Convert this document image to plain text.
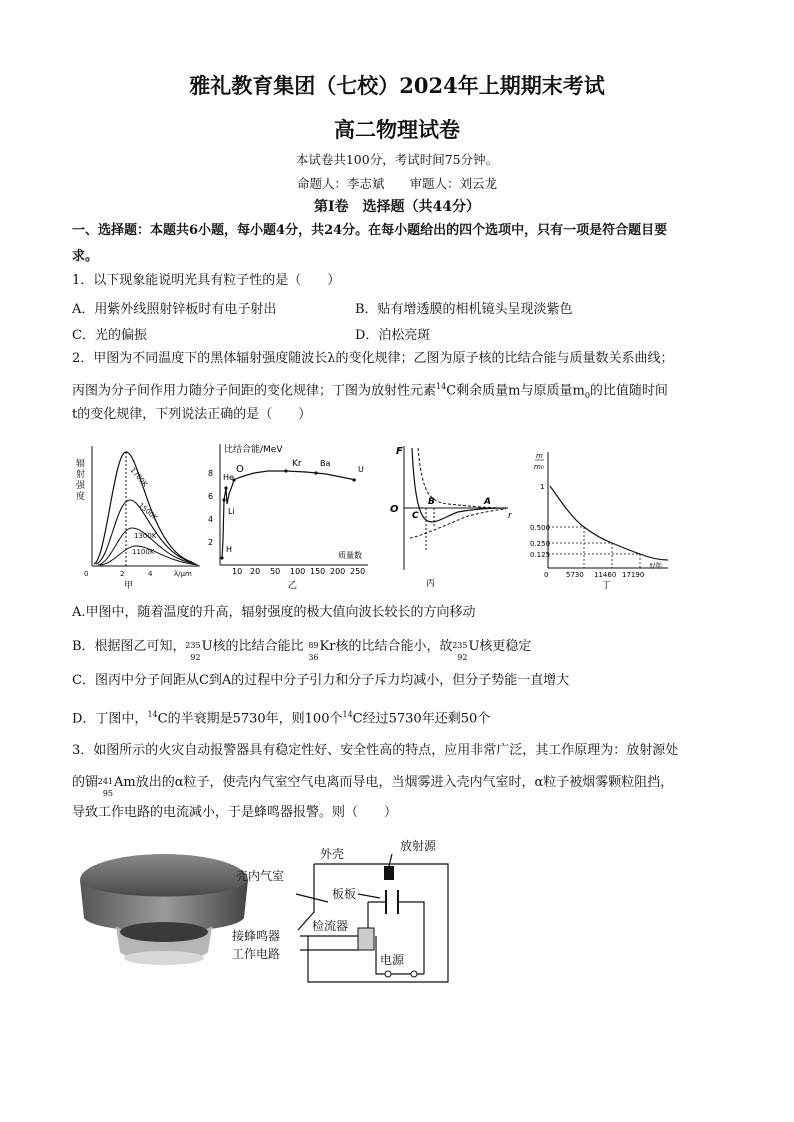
雅礼教育集团（七校）2024年上期期末考试
高二物理试卷
本试卷共100分，考试时间75分钟。
命题人：李志斌　　审题人：刘云龙
第Ⅰ卷　选择题（共44分）
一、选择题：本题共6小题，每小题4分，共24分。在每小题给出的四个选项中，只有一项是符合题目要
求。
1．以下现象能说明光具有粒子性的是（　　）
A．用紫外线照射锌板时有电子射出	B．贴有增透膜的相机镜头呈现淡紫色
C．光的偏振	D．泊松亮斑
2．甲图为不同温度下的黑体辐射强度随波长λ的变化规律；乙图为原子核的比结合能与质量数关系曲线；
丙图为分子间作用力随分子间距的变化规律；丁图为放射性元素$^{14}$C剩余质量m与原质量$m_0$的比值随时间
t的变化规律，下列说法正确的是（　　）
辐
射
强
度
1700K
1500K
1300K
1100K
0	2	4	λ/μm
甲
比结合能/MeV
8
6
4
2
He
O	Kr Ba
U
Li
H
10 20 50 100 150 200 250
质量数
乙
F
O
r
C
B	A
丙
m
m₀
1
0.500
0.250
0.125
0	5730 11460 17190
t/年
丁
A.甲图中，随着温度的升高，辐射强度的极大值向波长较长的方向移动
B．根据图乙可知， 235
92
U核的比结合能比 89
36
Kr核的比结合能小，故 235
92
U核更稳定
C．图丙中分子间距从C到A的过程中分子引力和分子斥力均减小，但分子势能一直增大
D．丁图中，$^{14}$C的半衰期是5730年，则100个$^{14}$C经过5730年还剩50个
3．如图所示的火灾自动报警器具有稳定性好、安全性高的特点，应用非常广泛，其工作原理为：放射源处
的镅 241
95
Am放出的α粒子，使壳内气室空气电离而导电，当烟雾进入壳内气室时，α粒子被烟雾颗粒阻挡，
导致工作电路的电流减小，于是蜂鸣器报警。则（　　）
外壳
放射源
壳内气室
板板
检流器
接蜂鸣器
工作电路	电源
